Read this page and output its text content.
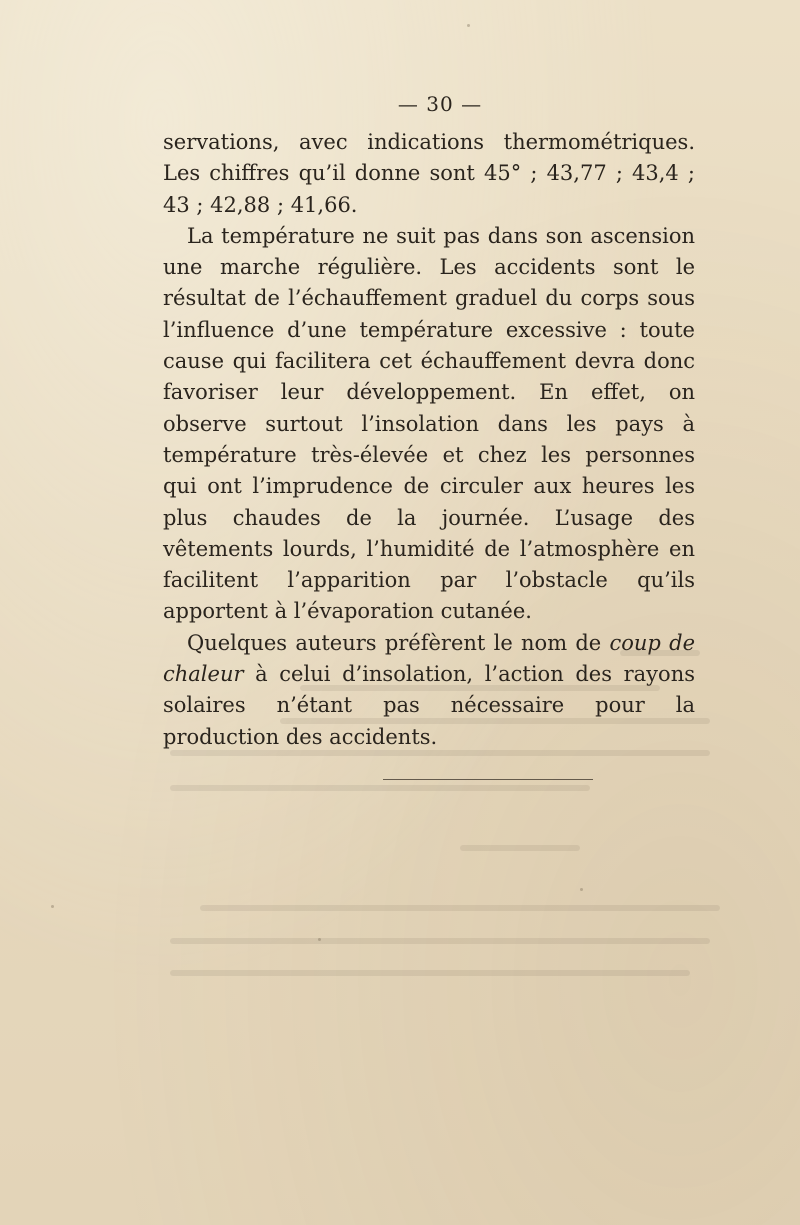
— 30 —

servations, avec indications thermométriques. Les chiffres qu’il donne sont 45° ; 43,77 ; 43,4 ; 43 ; 42,88 ; 41,66.

La température ne suit pas dans son ascension une marche régulière. Les accidents sont le résultat de l’échauffement graduel du corps sous l’influence d’une température excessive : toute cause qui facilitera cet échauffement devra donc favoriser leur développement. En effet, on observe surtout l’insolation dans les pays à température très-élevée et chez les personnes qui ont l’imprudence de circuler aux heures les plus chaudes de la journée. L’usage des vêtements lourds, l’humidité de l’atmosphère en facilitent l’apparition par l’obstacle qu’ils apportent à l’évaporation cutanée.

Quelques auteurs préfèrent le nom de coup de chaleur à celui d’insolation, l’action des rayons solaires n’étant pas nécessaire pour la production des accidents.
